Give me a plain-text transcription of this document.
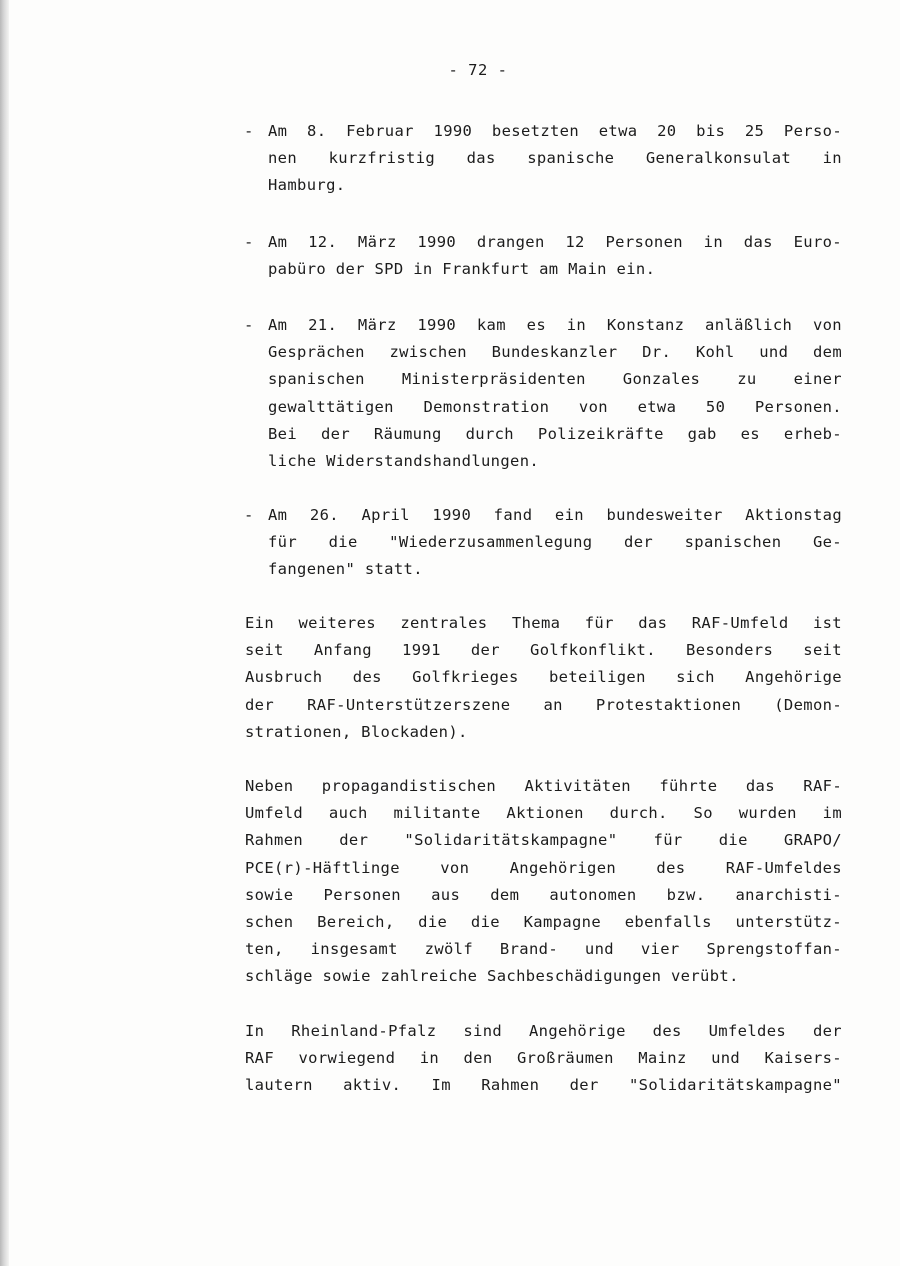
- 72 -
- Am 8. Februar 1990 besetzten etwa 20 bis 25 Perso-
nen kurzfristig das spanische Generalkonsulat in
Hamburg.
- Am 12. März 1990 drangen 12 Personen in das Euro-
pabüro der SPD in Frankfurt am Main ein.
- Am 21. März 1990 kam es in Konstanz anläßlich von
Gesprächen zwischen Bundeskanzler Dr. Kohl und dem
spanischen Ministerpräsidenten Gonzales zu einer
gewalttätigen Demonstration von etwa 50 Personen.
Bei der Räumung durch Polizeikräfte gab es erheb-
liche Widerstandshandlungen.
- Am 26. April 1990 fand ein bundesweiter Aktionstag
für die "Wiederzusammenlegung der spanischen Ge-
fangenen" statt.
Ein weiteres zentrales Thema für das RAF-Umfeld ist
seit Anfang 1991 der Golfkonflikt. Besonders seit
Ausbruch des Golfkrieges beteiligen sich Angehörige
der RAF-Unterstützerszene an Protestaktionen (Demon-
strationen, Blockaden).
Neben propagandistischen Aktivitäten führte das RAF-
Umfeld auch militante Aktionen durch. So wurden im
Rahmen der "Solidaritätskampagne" für die GRAPO/
PCE(r)-Häftlinge von Angehörigen des RAF-Umfeldes
sowie Personen aus dem autonomen bzw. anarchisti-
schen Bereich, die die Kampagne ebenfalls unterstütz-
ten, insgesamt zwölf Brand- und vier Sprengstoffan-
schläge sowie zahlreiche Sachbeschädigungen verübt.
In Rheinland-Pfalz sind Angehörige des Umfeldes der
RAF vorwiegend in den Großräumen Mainz und Kaisers-
lautern aktiv. Im Rahmen der "Solidaritätskampagne"
